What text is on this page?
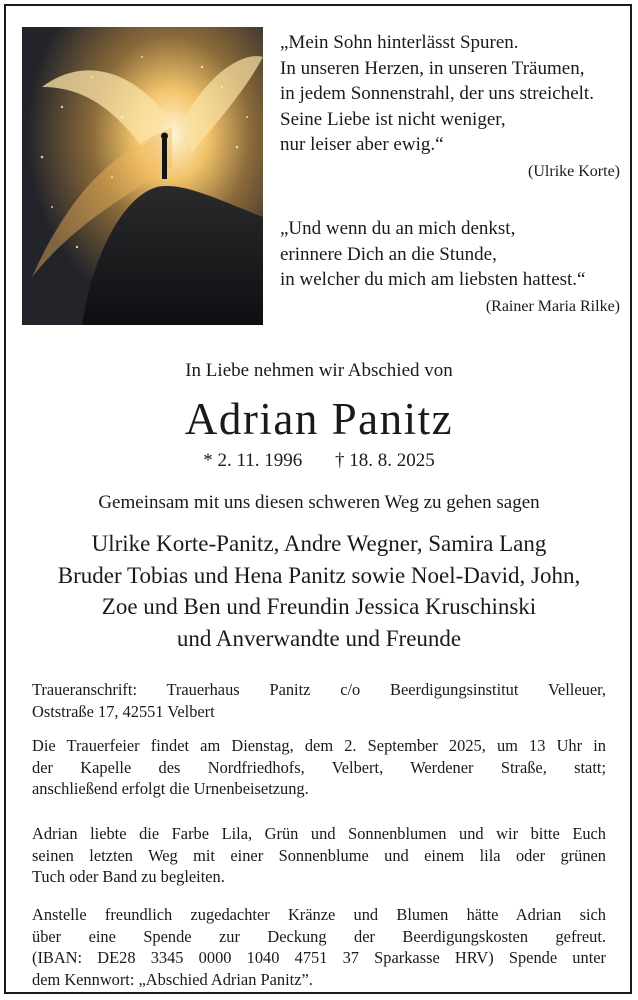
„Mein Sohn hinterlässt Spuren.
In unseren Herzen, in unseren Träumen,
in jedem Sonnenstrahl, der uns streichelt.
Seine Liebe ist nicht weniger,
nur leiser aber ewig.“
(Ulrike Korte)
„Und wenn du an mich denkst,
erinnere Dich an die Stunde,
in welcher du mich am liebsten hattest.“
(Rainer Maria Rilke)
In Liebe nehmen wir Abschied von
Adrian Panitz
* 2. 11. 1996 † 18. 8. 2025
Gemeinsam mit uns diesen schweren Weg zu gehen sagen
Ulrike Korte-Panitz, Andre Wegner, Samira Lang
Bruder Tobias und Hena Panitz sowie Noel-David, John,
Zoe und Ben und Freundin Jessica Kruschinski
und Anverwandte und Freunde
Traueranschrift: Trauerhaus Panitz c/o Beerdigungsinstitut Velleuer,
Oststraße 17, 42551 Velbert
Die Trauerfeier findet am Dienstag, dem 2. September 2025, um 13 Uhr in
der Kapelle des Nordfriedhofs, Velbert, Werdener Straße, statt;
anschließend erfolgt die Urnenbeisetzung.
Adrian liebte die Farbe Lila, Grün und Sonnenblumen und wir bitte Euch
seinen letzten Weg mit einer Sonnenblume und einem lila oder grünen
Tuch oder Band zu begleiten.
Anstelle freundlich zugedachter Kränze und Blumen hätte Adrian sich
über eine Spende zur Deckung der Beerdigungskosten gefreut.
(IBAN: DE28 3345 0000 1040 4751 37 Sparkasse HRV) Spende unter
dem Kennwort: „Abschied Adrian Panitz”.
